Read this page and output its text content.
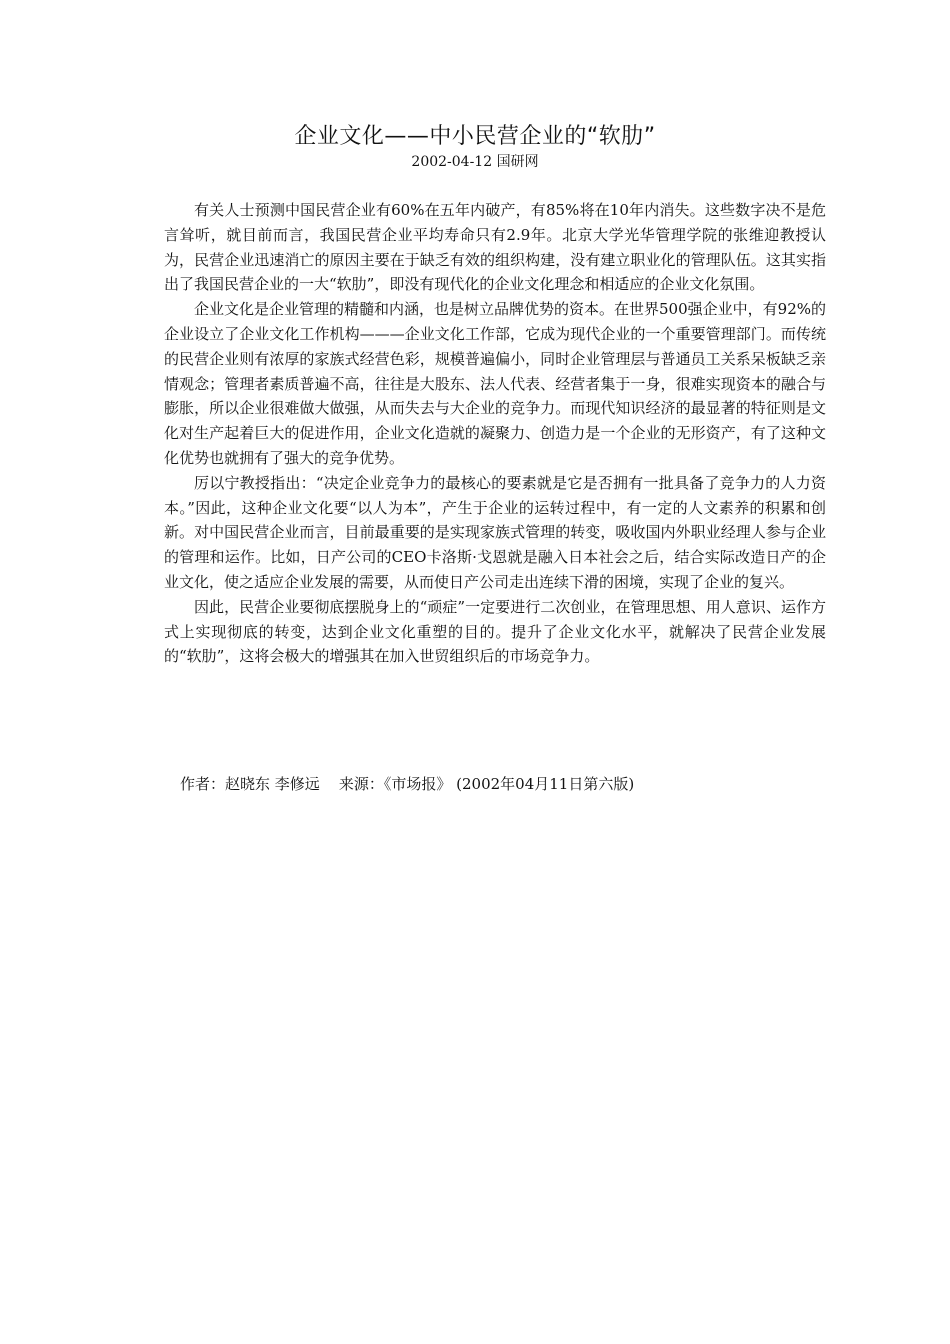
企业文化——中小民营企业的“软肋”
2002-04-12 国研网

有关人士预测中国民营企业有60%在五年内破产，有85%将在10年内消失。这些数字决不是危言耸听，就目前而言，我国民营企业平均寿命只有2.9年。北京大学光华管理学院的张维迎教授认为，民营企业迅速消亡的原因主要在于缺乏有效的组织构建，没有建立职业化的管理队伍。这其实指出了我国民营企业的一大“软肋”，即没有现代化的企业文化理念和相适应的企业文化氛围。

企业文化是企业管理的精髓和内涵，也是树立品牌优势的资本。在世界500强企业中，有92%的企业设立了企业文化工作机构———企业文化工作部，它成为现代企业的一个重要管理部门。而传统的民营企业则有浓厚的家族式经营色彩，规模普遍偏小，同时企业管理层与普通员工关系呆板缺乏亲情观念；管理者素质普遍不高，往往是大股东、法人代表、经营者集于一身，很难实现资本的融合与膨胀，所以企业很难做大做强，从而失去与大企业的竞争力。而现代知识经济的最显著的特征则是文化对生产起着巨大的促进作用，企业文化造就的凝聚力、创造力是一个企业的无形资产，有了这种文化优势也就拥有了强大的竞争优势。

厉以宁教授指出：“决定企业竞争力的最核心的要素就是它是否拥有一批具备了竞争力的人力资本。”因此，这种企业文化要“以人为本”，产生于企业的运转过程中，有一定的人文素养的积累和创新。对中国民营企业而言，目前最重要的是实现家族式管理的转变，吸收国内外职业经理人参与企业的管理和运作。比如，日产公司的CEO卡洛斯·戈恩就是融入日本社会之后，结合实际改造日产的企业文化，使之适应企业发展的需要，从而使日产公司走出连续下滑的困境，实现了企业的复兴。

因此，民营企业要彻底摆脱身上的“顽症”一定要进行二次创业，在管理思想、用人意识、运作方式上实现彻底的转变，达到企业文化重塑的目的。提升了企业文化水平，就解决了民营企业发展的“软肋”，这将会极大的增强其在加入世贸组织后的市场竞争力。

作者：赵晓东 李修远 来源：《市场报》 (2002年04月11日第六版)
